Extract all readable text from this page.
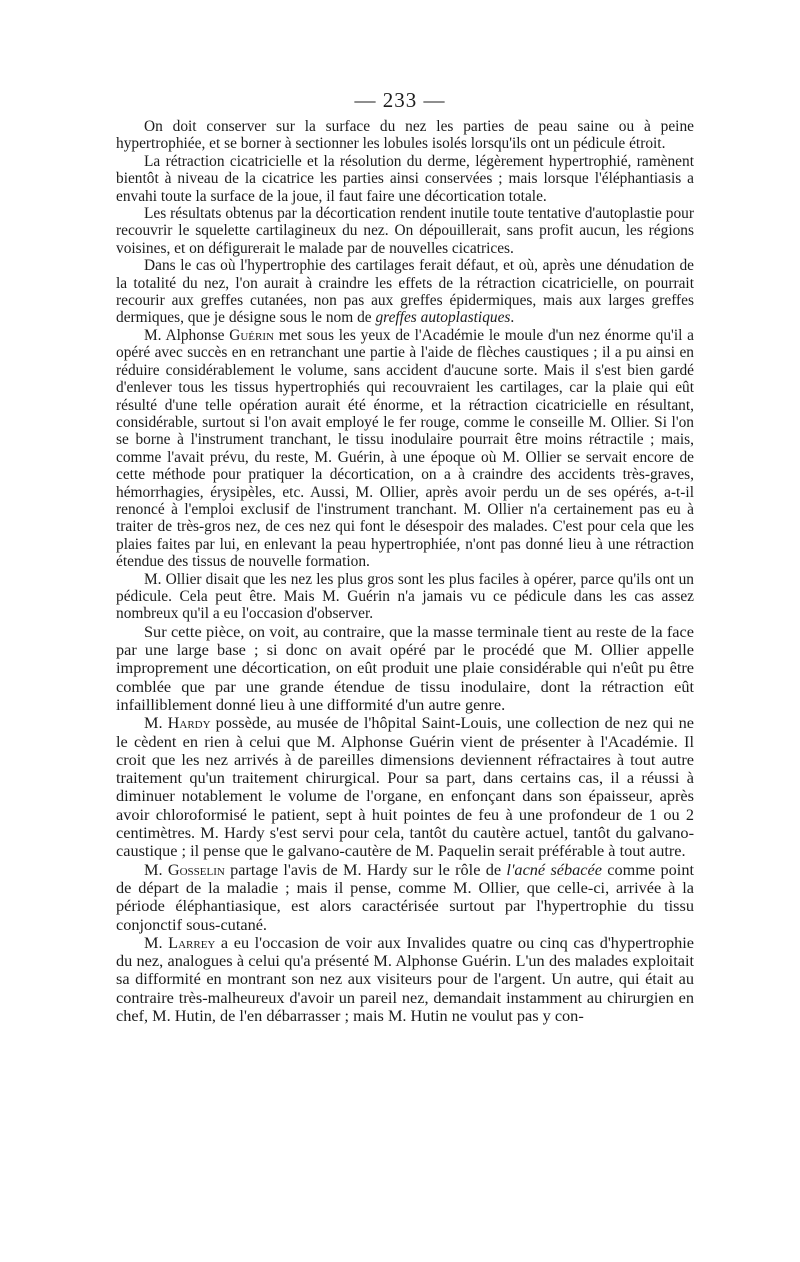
— 233 —

On doit conserver sur la surface du nez les parties de peau saine ou à peine hypertrophiée, et se borner à sectionner les lobules isolés lorsqu'ils ont un pédicule étroit.

La rétraction cicatricielle et la résolution du derme, légèrement hypertrophié, ramènent bientôt à niveau de la cicatrice les parties ainsi conservées ; mais lorsque l'éléphantiasis a envahi toute la surface de la joue, il faut faire une décortication totale.

Les résultats obtenus par la décortication rendent inutile toute tentative d'autoplastie pour recouvrir le squelette cartilagineux du nez. On dépouillerait, sans profit aucun, les régions voisines, et on défigurerait le malade par de nouvelles cicatrices.

Dans le cas où l'hypertrophie des cartilages ferait défaut, et où, après une dénudation de la totalité du nez, l'on aurait à craindre les effets de la rétraction cicatricielle, on pourrait recourir aux greffes cutanées, non pas aux greffes épidermiques, mais aux larges greffes dermiques, que je désigne sous le nom de greffes autoplastiques.

M. Alphonse Guérin met sous les yeux de l'Académie le moule d'un nez énorme qu'il a opéré avec succès en en retranchant une partie à l'aide de flèches caustiques ; il a pu ainsi en réduire considérablement le volume, sans accident d'aucune sorte. Mais il s'est bien gardé d'enlever tous les tissus hypertrophiés qui recouvraient les cartilages, car la plaie qui eût résulté d'une telle opération aurait été énorme, et la rétraction cicatricielle en résultant, considérable, surtout si l'on avait employé le fer rouge, comme le conseille M. Ollier. Si l'on se borne à l'instrument tranchant, le tissu inodulaire pourrait être moins rétractile ; mais, comme l'avait prévu, du reste, M. Guérin, à une époque où M. Ollier se servait encore de cette méthode pour pratiquer la décortication, on a à craindre des accidents très-graves, hémorrhagies, érysipèles, etc. Aussi, M. Ollier, après avoir perdu un de ses opérés, a-t-il renoncé à l'emploi exclusif de l'instrument tranchant. M. Ollier n'a certainement pas eu à traiter de très-gros nez, de ces nez qui font le désespoir des malades. C'est pour cela que les plaies faites par lui, en enlevant la peau hypertrophiée, n'ont pas donné lieu à une rétraction étendue des tissus de nouvelle formation.

M. Ollier disait que les nez les plus gros sont les plus faciles à opérer, parce qu'ils ont un pédicule. Cela peut être. Mais M. Guérin n'a jamais vu ce pédicule dans les cas assez nombreux qu'il a eu l'occasion d'observer.

Sur cette pièce, on voit, au contraire, que la masse terminale tient au reste de la face par une large base ; si donc on avait opéré par le procédé que M. Ollier appelle improprement une décortication, on eût produit une plaie considérable qui n'eût pu être comblée que par une grande étendue de tissu inodulaire, dont la rétraction eût infailliblement donné lieu à une difformité d'un autre genre.

M. Hardy possède, au musée de l'hôpital Saint-Louis, une collection de nez qui ne le cèdent en rien à celui que M. Alphonse Guérin vient de présenter à l'Académie. Il croit que les nez arrivés à de pareilles dimensions deviennent réfractaires à tout autre traitement qu'un traitement chirurgical. Pour sa part, dans certains cas, il a réussi à diminuer notablement le volume de l'organe, en enfonçant dans son épaisseur, après avoir chloroformisé le patient, sept à huit pointes de feu à une profondeur de 1 ou 2 centimètres. M. Hardy s'est servi pour cela, tantôt du cautère actuel, tantôt du galvano-caustique ; il pense que le galvano-cautère de M. Paquelin serait préférable à tout autre.

M. Gosselin partage l'avis de M. Hardy sur le rôle de l'acné sébacée comme point de départ de la maladie ; mais il pense, comme M. Ollier, que celle-ci, arrivée à la période éléphantiasique, est alors caractérisée surtout par l'hypertrophie du tissu conjonctif sous-cutané.

M. Larrey a eu l'occasion de voir aux Invalides quatre ou cinq cas d'hypertrophie du nez, analogues à celui qu'a présenté M. Alphonse Guérin. L'un des malades exploitait sa difformité en montrant son nez aux visiteurs pour de l'argent. Un autre, qui était au contraire très-malheureux d'avoir un pareil nez, demandait instamment au chirurgien en chef, M. Hutin, de l'en débarrasser ; mais M. Hutin ne voulut pas y con-
